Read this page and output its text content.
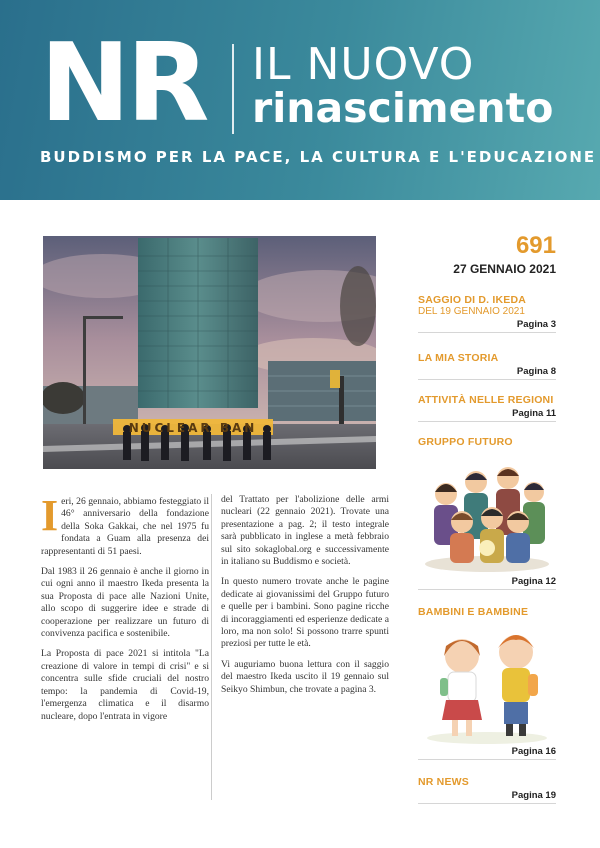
NR IL NUOVO
rinascimento
BUDDISMO PER LA PACE, LA CULTURA E L'EDUCAZIONE
NUCLEAR BAN

Ieri, 26 gennaio, abbiamo festeggiato il 46° anniversario della fondazione della Soka Gakkai, che nel 1975 fu fondata a Guam alla presenza dei rappresentanti di 51 paesi.

Dal 1983 il 26 gennaio è anche il giorno in cui ogni anno il maestro Ikeda presenta la sua Proposta di pace alle Nazioni Unite, allo scopo di suggerire idee e strade di cooperazione per realizzare un futuro di convivenza pacifica e sostenibile.

La Proposta di pace 2021 si intitola "La creazione di valore in tempi di crisi" e si concentra sulle sfide cruciali del nostro tempo: la pandemia di Covid-19, l'emergenza climatica e il disarmo nucleare, dopo l'entrata in vigore

del Trattato per l'abolizione delle armi nucleari (22 gennaio 2021). Trovate una presentazione a pag. 2; il testo integrale sarà pubblicato in inglese a metà febbraio sul sito sokaglobal.org e successivamente in italiano su Buddismo e società.

In questo numero trovate anche le pagine dedicate ai giovanissimi del Gruppo futuro e quelle per i bambini. Sono pagine ricche di incoraggiamenti ed esperienze dedicate a loro, ma non solo! Si possono trarre spunti preziosi per tutte le età.

Vi auguriamo buona lettura con il saggio del maestro Ikeda uscito il 19 gennaio sul Seikyo Shimbun, che trovate a pagina 3.

691
27 GENNAIO 2021
SAGGIO DI D. IKEDA
DEL 19 GENNAIO 2021
Pagina 3
LA MIA STORIA
Pagina 8
ATTIVITÀ NELLE REGIONI
Pagina 11
GRUPPO FUTURO
Pagina 12
BAMBINI E BAMBINE
Pagina 16
NR NEWS
Pagina 19
